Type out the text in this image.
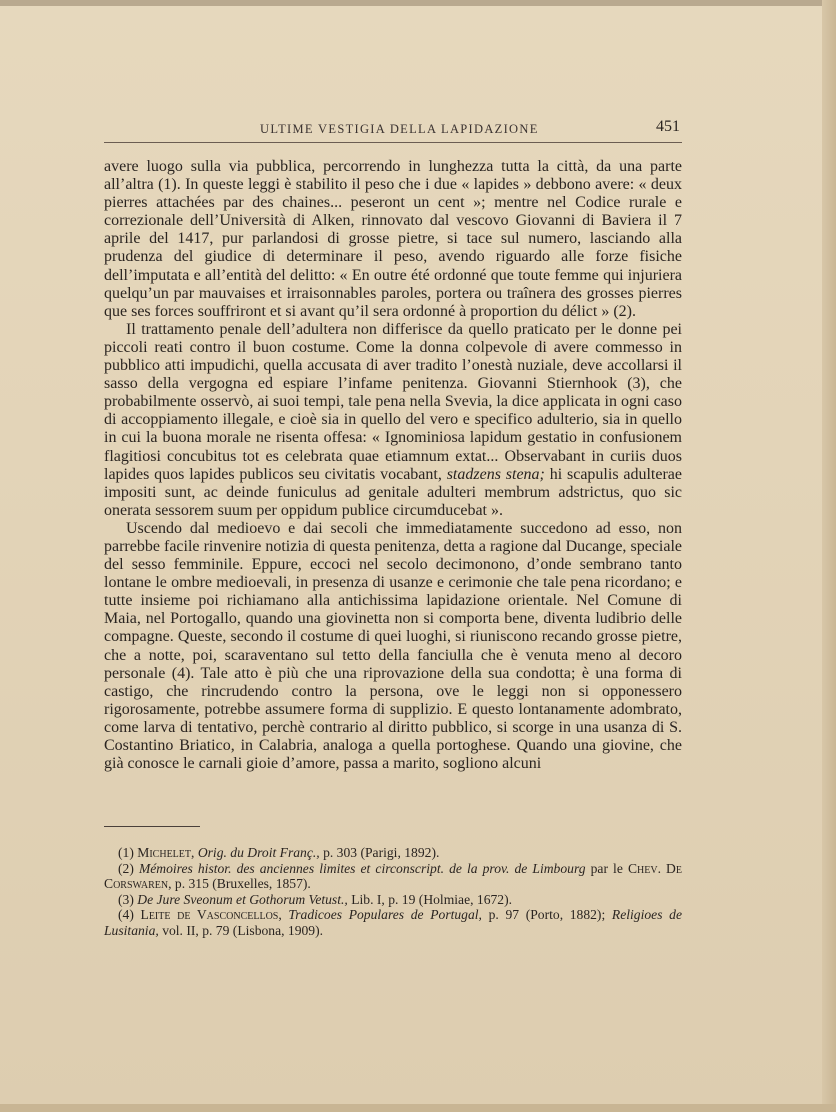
ULTIME VESTIGIA DELLA LAPIDAZIONE	451

avere luogo sulla via pubblica, percorrendo in lunghezza tutta la città, da una parte all’altra (1). In queste leggi è stabilito il peso che i due « lapides » debbono avere: « deux pierres attachées par des chaines... peseront un cent »; mentre nel Codice rurale e correzionale dell’Università di Alken, rinnovato dal vescovo Giovanni di Baviera il 7 aprile del 1417, pur parlandosi di grosse pietre, si tace sul numero, lasciando alla prudenza del giudice di determinare il peso, avendo riguardo alle forze fisiche dell’imputata e all’entità del delitto: « En outre été ordonné que toute femme qui injuriera quelqu’un par mauvaises et irraisonnables paroles, portera ou traînera des grosses pierres que ses forces souffriront et si avant qu’il sera ordonné à proportion du délict » (2).

Il trattamento penale dell’adultera non differisce da quello praticato per le donne pei piccoli reati contro il buon costume. Come la donna colpevole di avere commesso in pubblico atti impudichi, quella accusata di aver tradito l’onestà nuziale, deve accollarsi il sasso della vergogna ed espiare l’infame penitenza. Giovanni Stiernhook (3), che probabilmente osservò, ai suoi tempi, tale pena nella Svevia, la dice applicata in ogni caso di accoppiamento illegale, e cioè sia in quello del vero e specifico adulterio, sia in quello in cui la buona morale ne risenta offesa: « Ignominiosa lapidum gestatio in confusionem flagitiosi concubitus tot es celebrata quae etiamnum extat... Observabant in curiis duos lapides quos lapides publicos seu civitatis vocabant, stadzens stena; hi scapulis adulterae impositi sunt, ac deinde funiculus ad genitale adulteri membrum adstrictus, quo sic onerata sessorem suum per oppidum publice circumducebat ».

Uscendo dal medioevo e dai secoli che immediatamente succedono ad esso, non parrebbe facile rinvenire notizia di questa penitenza, detta a ragione dal Ducange, speciale del sesso femminile. Eppure, eccoci nel secolo decimonono, d’onde sembrano tanto lontane le ombre medioevali, in presenza di usanze e cerimonie che tale pena ricordano; e tutte insieme poi richiamano alla antichissima lapidazione orientale. Nel Comune di Maia, nel Portogallo, quando una giovinetta non si comporta bene, diventa ludibrio delle compagne. Queste, secondo il costume di quei luoghi, si riuniscono recando grosse pietre, che a notte, poi, scaraventano sul tetto della fanciulla che è venuta meno al decoro personale (4). Tale atto è più che una riprovazione della sua condotta; è una forma di castigo, che rincrudendo contro la persona, ove le leggi non si opponessero rigorosamente, potrebbe assumere forma di supplizio. E questo lontanamente adombrato, come larva di tentativo, perchè contrario al diritto pubblico, si scorge in una usanza di S. Costantino Briatico, in Calabria, analoga a quella portoghese. Quando una giovine, che già conosce le carnali gioie d’amore, passa a marito, sogliono alcuni

(1) Michelet, Orig. du Droit Franç., p. 303 (Parigi, 1892).

(2) Mémoires histor. des anciennes limites et circonscript. de la prov. de Limbourg par le Chev. De Corswaren, p. 315 (Bruxelles, 1857).

(3) De Jure Sveonum et Gothorum Vetust., Lib. I, p. 19 (Holmiae, 1672).

(4) Leite de Vasconcellos, Tradicoes Populares de Portugal, p. 97 (Porto, 1882); Religioes de Lusitania, vol. II, p. 79 (Lisbona, 1909).
